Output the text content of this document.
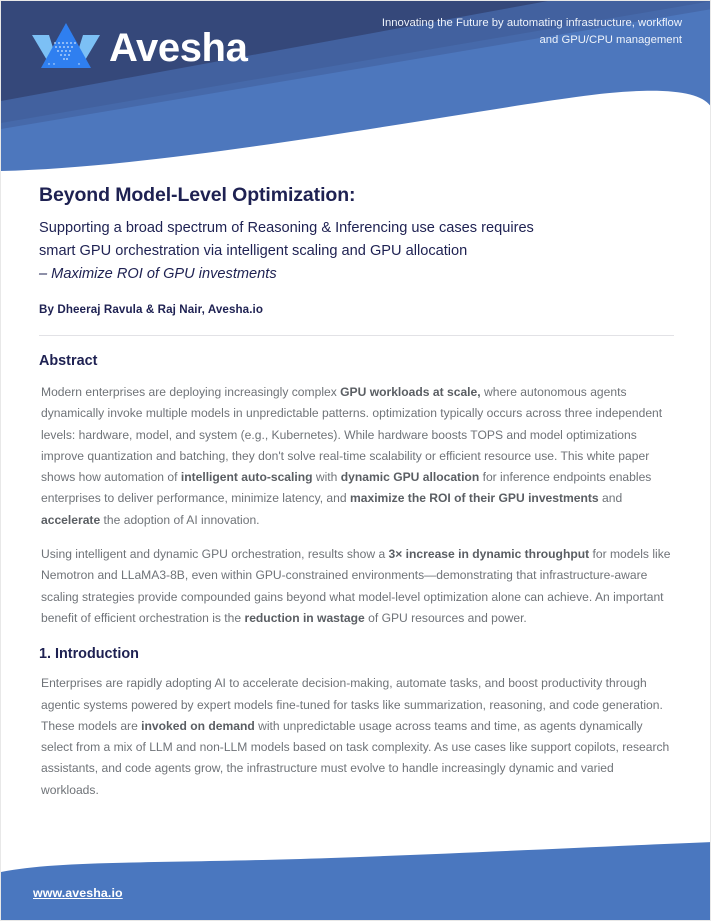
Avesha
Innovating the Future by automating infrastructure, workflow
and GPU/CPU management
Beyond Model-Level Optimization:

Supporting a broad spectrum of Reasoning & Inferencing use cases requires
smart GPU orchestration via intelligent scaling and GPU allocation
– Maximize ROI of GPU investments

By Dheeraj Ravula & Raj Nair, Avesha.io

Abstract

Modern enterprises are deploying increasingly complex GPU workloads at scale, where autonomous agents dynamically invoke multiple models in unpredictable patterns. optimization typically occurs across three independent levels: hardware, model, and system (e.g., Kubernetes). While hardware boosts TOPS and model optimizations improve quantization and batching, they don't solve real-time scalability or efficient resource use. This white paper shows how automation of intelligent auto-scaling with dynamic GPU allocation for inference endpoints enables enterprises to deliver performance, minimize latency, and maximize the ROI of their GPU investments and accelerate the adoption of AI innovation.

Using intelligent and dynamic GPU orchestration, results show a 3× increase in dynamic throughput for models like Nemotron and LLaMA3-8B, even within GPU-constrained environments—demonstrating that infrastructure-aware scaling strategies provide compounded gains beyond what model-level optimization alone can achieve. An important benefit of efficient orchestration is the reduction in wastage of GPU resources and power.

1. Introduction

Enterprises are rapidly adopting AI to accelerate decision-making, automate tasks, and boost productivity through agentic systems powered by expert models fine-tuned for tasks like summarization, reasoning, and code generation. These models are invoked on demand with unpredictable usage across teams and time, as agents dynamically select from a mix of LLM and non-LLM models based on task complexity. As use cases like support copilots, research assistants, and code agents grow, the infrastructure must evolve to handle increasingly dynamic and varied workloads.

www.avesha.io
